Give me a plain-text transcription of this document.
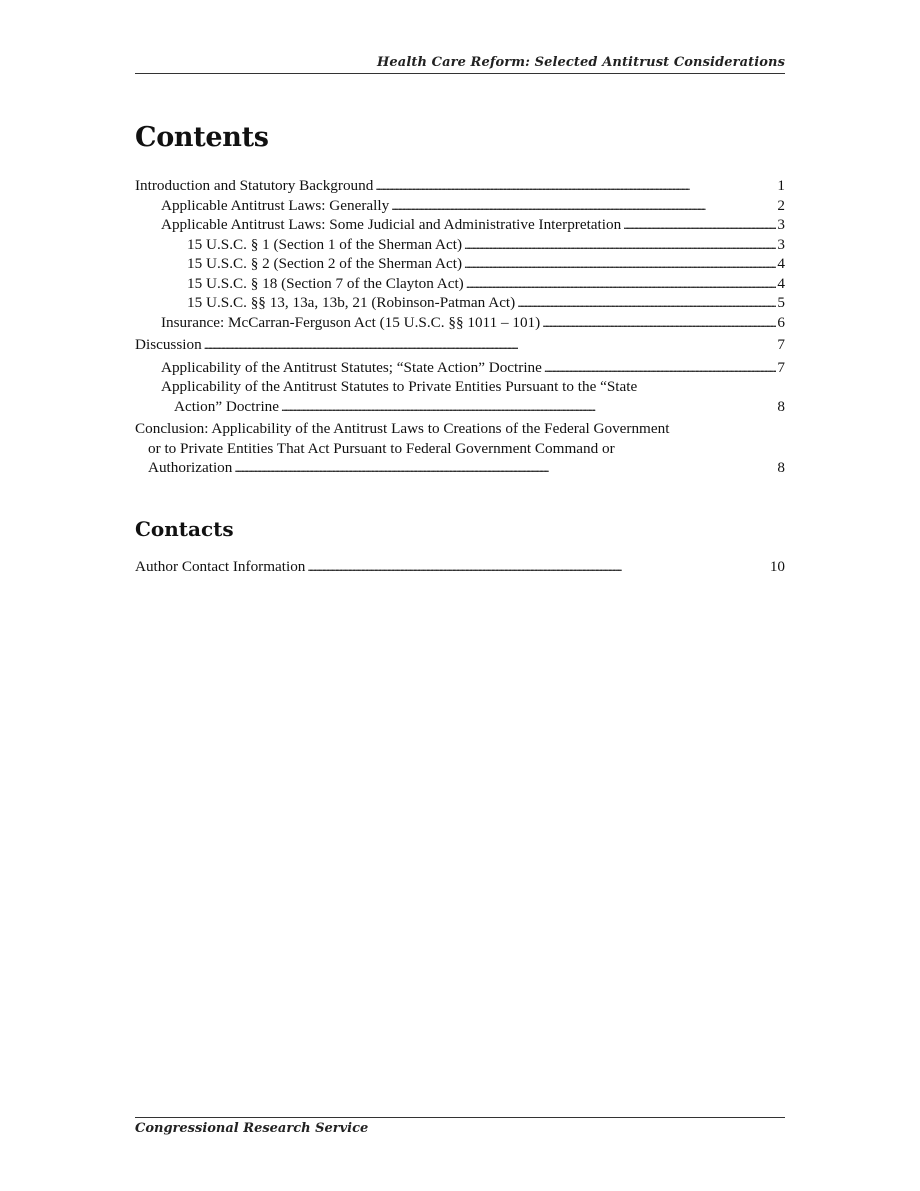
Health Care Reform: Selected Antitrust Considerations
Contents
Introduction and Statutory Background . . .	1
Applicable Antitrust Laws: Generally . . .	2
Applicable Antitrust Laws: Some Judicial and Administrative Interpretation . . .	3
15 U.S.C. § 1 (Section 1 of the Sherman Act) . . .	3
15 U.S.C. § 2 (Section 2 of the Sherman Act) . . .	4
15 U.S.C. § 18 (Section 7 of the Clayton Act) . . .	4
15 U.S.C. §§ 13, 13a, 13b, 21 (Robinson-Patman Act) . . .	5
Insurance: McCarran-Ferguson Act (15 U.S.C. §§ 1011 – 101) . . .	6
Discussion . . .	7
Applicability of the Antitrust Statutes; “State Action” Doctrine . . .	7
Applicability of the Antitrust Statutes to Private Entities Pursuant to the “State
Action” Doctrine . . .	8
Conclusion: Applicability of the Antitrust Laws to Creations of the Federal Government
or to Private Entities That Act Pursuant to Federal Government Command or
Authorization . . .	8
Contacts
Author Contact Information . . .	10
Congressional Research Service
